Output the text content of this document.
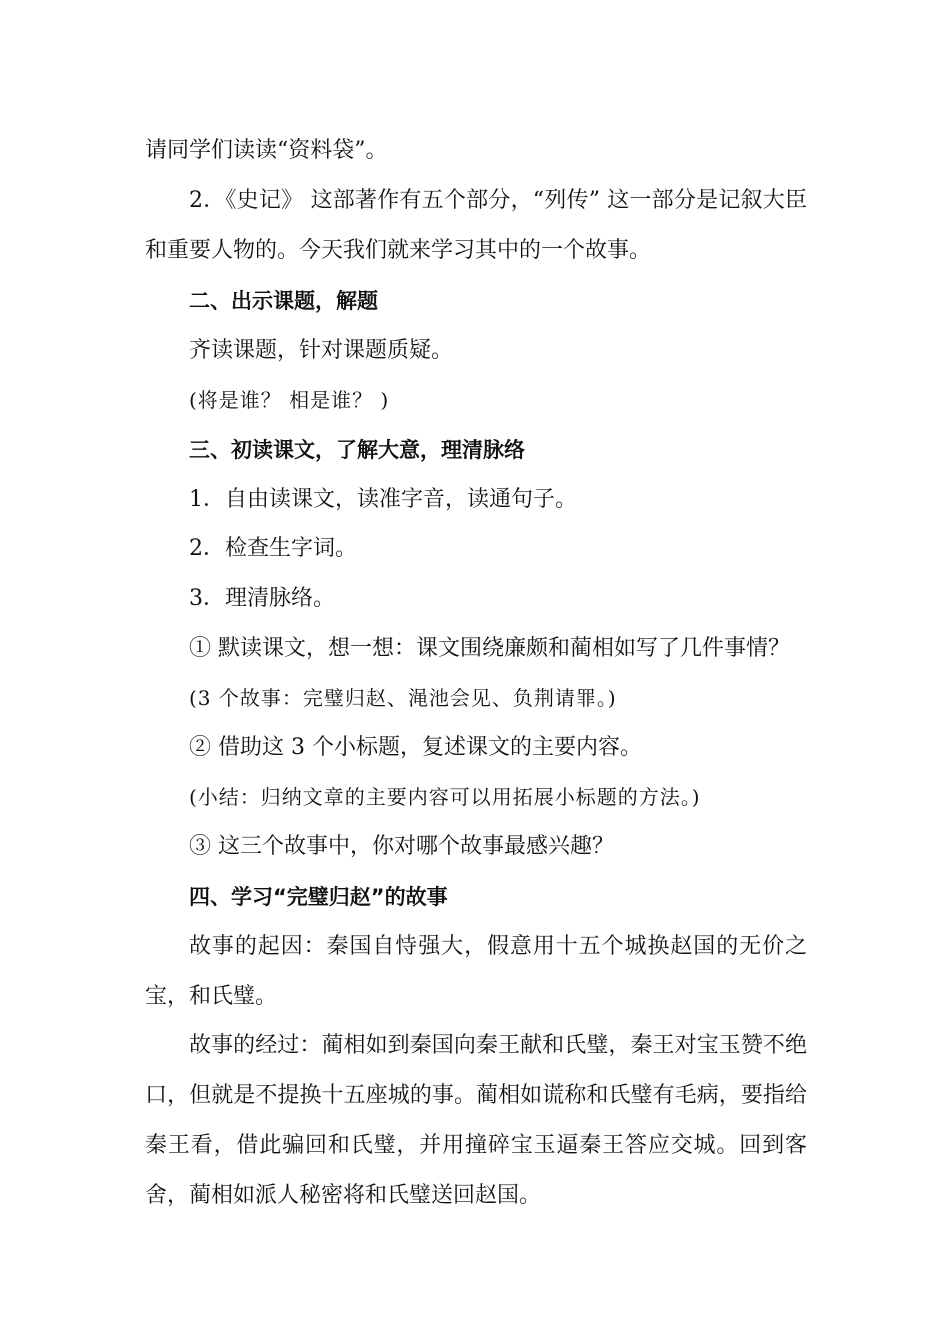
请同学们读读“资料袋”。

2．《史记》 这部著作有五个部分，“列传” 这一部分是记叙大臣和重要人物的。今天我们就来学习其中的一个故事。

二、出示课题，解题

齐读课题，针对课题质疑。

(将是谁？ 相是谁？ )

三、初读课文，了解大意，理清脉络

1．自由读课文，读准字音，读通句子。

2．检查生字词。

3．理清脉络。

① 默读课文，想一想：课文围绕廉颇和蔺相如写了几件事情？

(3 个故事：完璧归赵、渑池会见、负荆请罪。)

② 借助这 3 个小标题，复述课文的主要内容。

(小结：归纳文章的主要内容可以用拓展小标题的方法。)

③ 这三个故事中，你对哪个故事最感兴趣？

四、学习“完璧归赵”的故事

故事的起因：秦国自恃强大，假意用十五个城换赵国的无价之宝，和氏璧。

故事的经过：蔺相如到秦国向秦王献和氏璧，秦王对宝玉赞不绝口，但就是不提换十五座城的事。蔺相如谎称和氏璧有毛病，要指给秦王看，借此骗回和氏璧，并用撞碎宝玉逼秦王答应交城。回到客舍，蔺相如派人秘密将和氏璧送回赵国。
